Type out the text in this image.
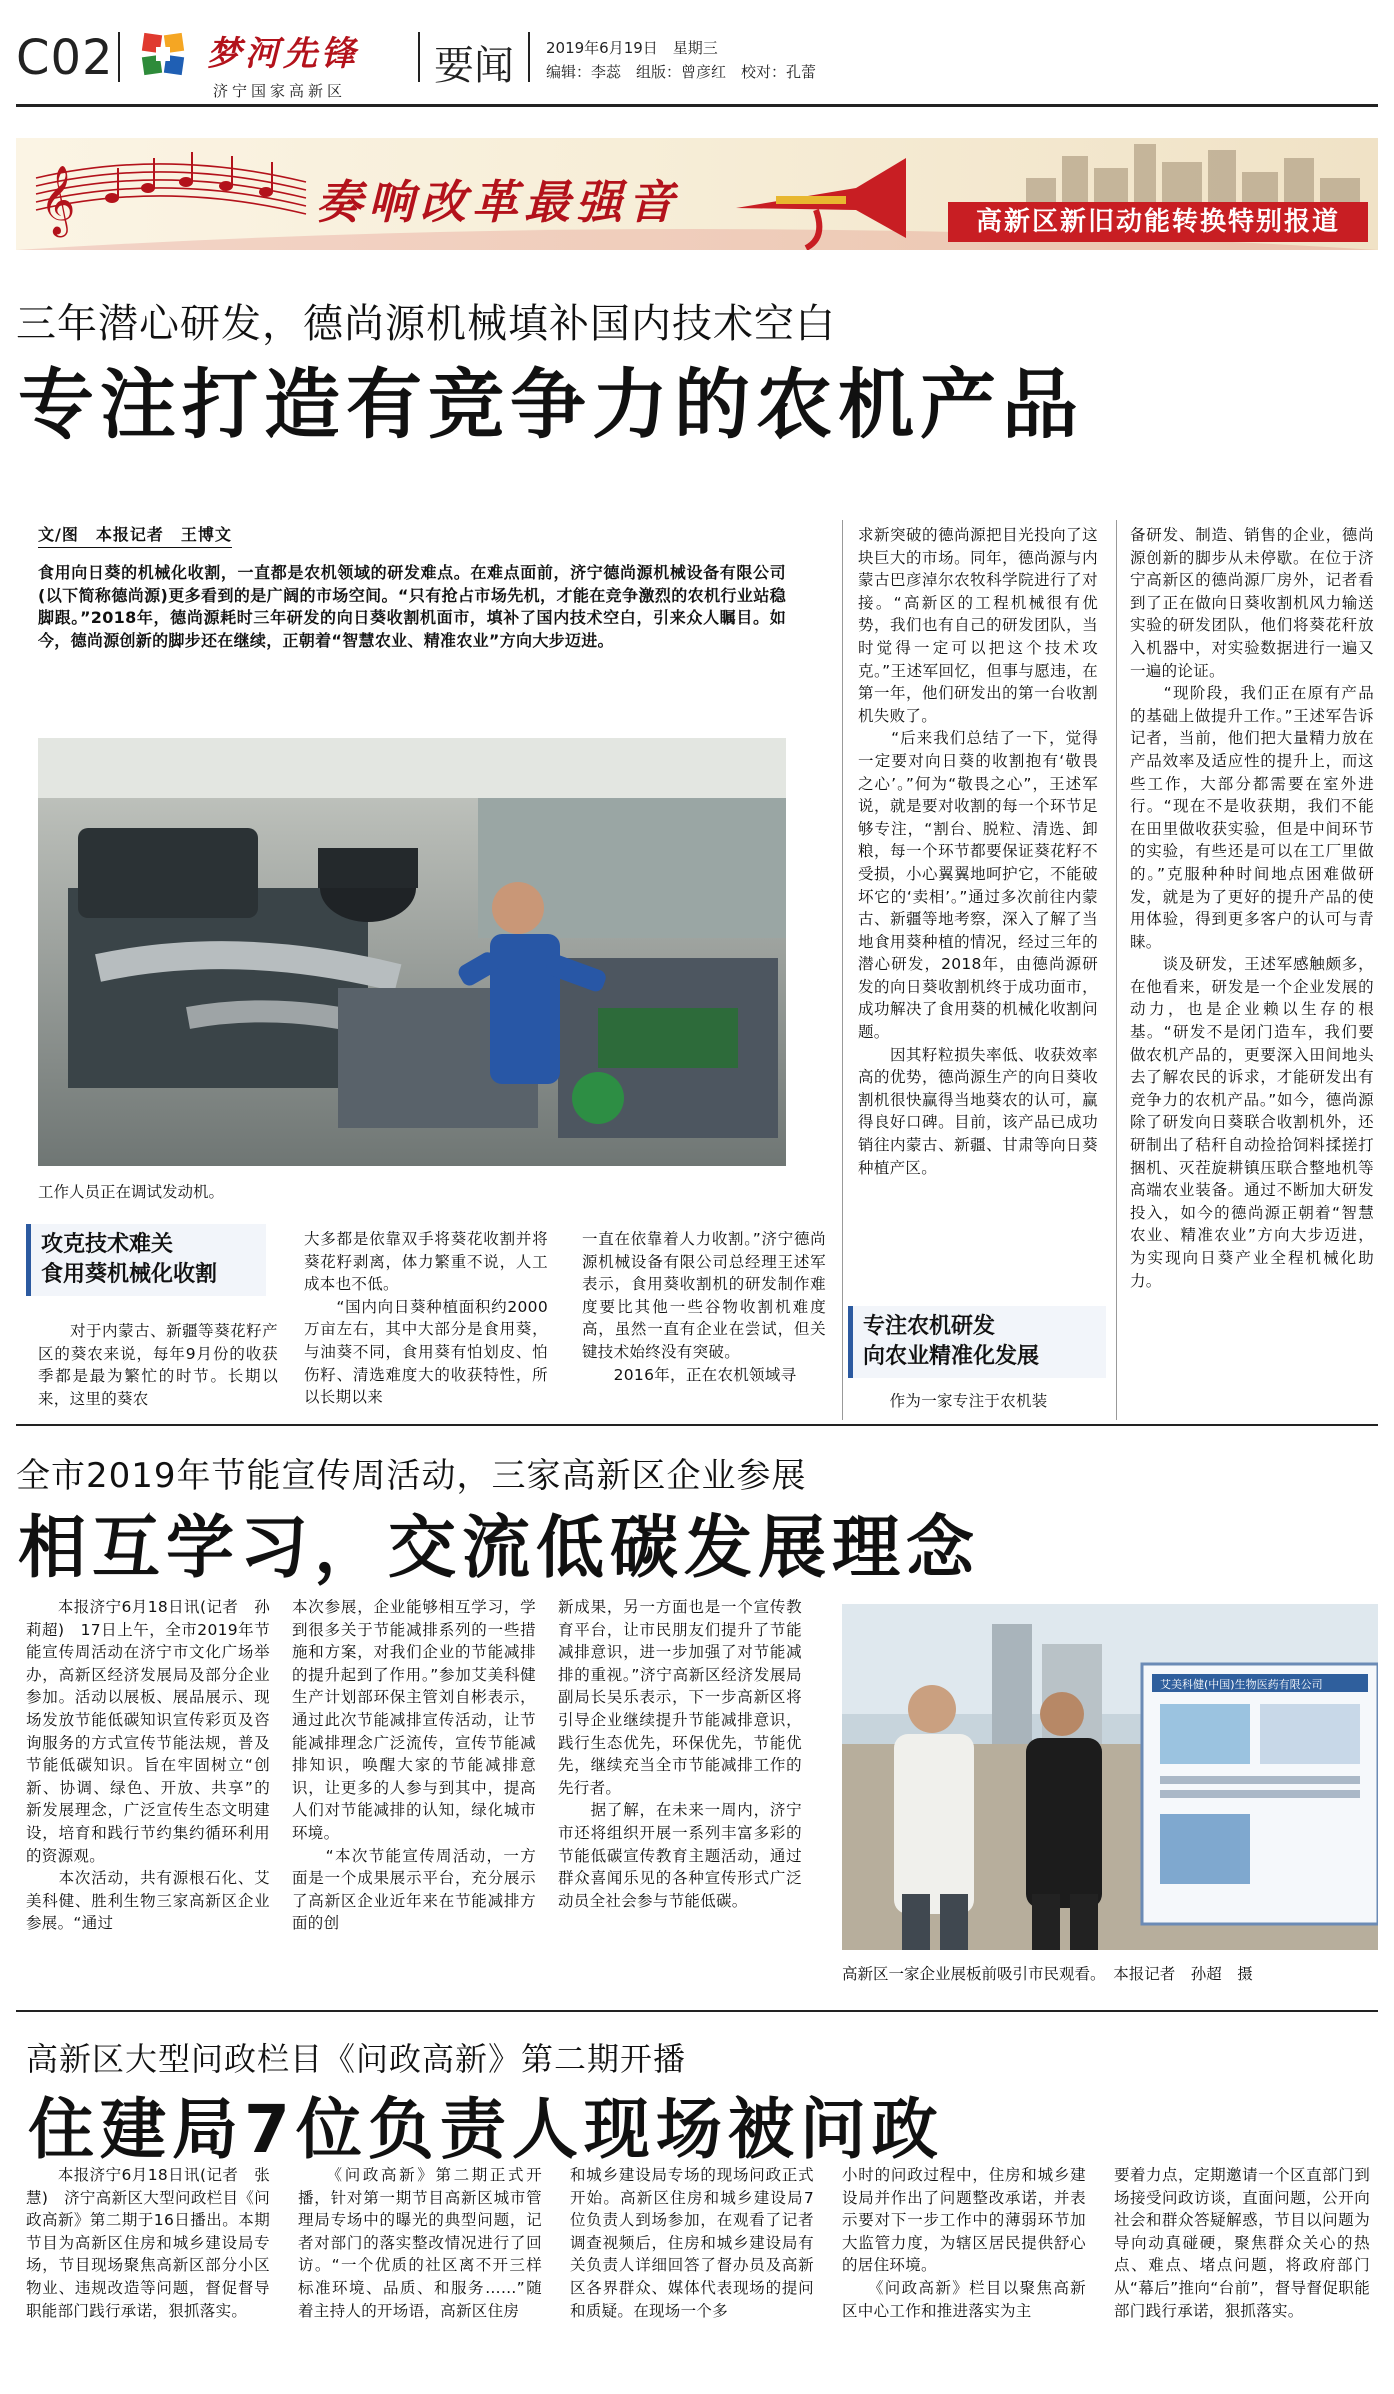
C02	梦河先锋
济宁国家高新区
要闻 2019年6月19日　星期三
编辑：李蕊　组版：曾彦红　校对：孔蕾
𝄞	奏响改革最强音	高新区新旧动能转换特别报道
三年潜心研发，德尚源机械填补国内技术空白
专注打造有竞争力的农机产品
文/图　本报记者　王博文
食用向日葵的机械化收割，一直都是农机领域的研发难点。在难点面前，济宁德尚源机械设备有限公司(以下简称德尚源)更多看到的是广阔的市场空间。“只有抢占市场先机，才能在竞争激烈的农机行业站稳脚跟。”2018年，德尚源耗时三年研发的向日葵收割机面市，填补了国内技术空白，引来众人瞩目。如今，德尚源创新的脚步还在继续，正朝着“智慧农业、精准农业”方向大步迈进。
工作人员正在调试发动机。
攻克技术难关
食用葵机械化收割
　　对于内蒙古、新疆等葵花籽产区的葵农来说，每年9月份的收获季都是最为繁忙的时节。长期以来，这里的葵农
大多都是依靠双手将葵花收割并将葵花籽剥离，体力繁重不说，人工成本也不低。
　　“国内向日葵种植面积约2000万亩左右，其中大部分是食用葵，与油葵不同，食用葵有怕划皮、怕伤籽、清选难度大的收获特性，所以长期以来
一直在依靠着人力收割。”济宁德尚源机械设备有限公司总经理王述军表示，食用葵收割机的研发制作难度要比其他一些谷物收割机难度高，虽然一直有企业在尝试，但关键技术始终没有突破。
　　2016年，正在农机领域寻
求新突破的德尚源把目光投向了这块巨大的市场。同年，德尚源与内蒙古巴彦淖尔农牧科学院进行了对接。“高新区的工程机械很有优势，我们也有自己的研发团队，当时觉得一定可以把这个技术攻克。”王述军回忆，但事与愿违，在第一年，他们研发出的第一台收割机失败了。
　　“后来我们总结了一下，觉得一定要对向日葵的收割抱有‘敬畏之心’。”何为“敬畏之心”，王述军说，就是要对收割的每一个环节足够专注，“割台、脱粒、清选、卸粮，每一个环节都要保证葵花籽不受损，小心翼翼地呵护它，不能破坏它的‘卖相’。”通过多次前往内蒙古、新疆等地考察，深入了解了当地食用葵种植的情况，经过三年的潜心研发，2018年，由德尚源研发的向日葵收割机终于成功面市，成功解决了食用葵的机械化收割问题。
　　因其籽粒损失率低、收获效率高的优势，德尚源生产的向日葵收割机很快赢得当地葵农的认可，赢得良好口碑。目前，该产品已成功销往内蒙古、新疆、甘肃等向日葵种植产区。
专注农机研发
向农业精准化发展
　　作为一家专注于农机装
备研发、制造、销售的企业，德尚源创新的脚步从未停歇。在位于济宁高新区的德尚源厂房外，记者看到了正在做向日葵收割机风力输送实验的研发团队，他们将葵花秆放入机器中，对实验数据进行一遍又一遍的论证。
　　“现阶段，我们正在原有产品的基础上做提升工作。”王述军告诉记者，当前，他们把大量精力放在产品效率及适应性的提升上，而这些工作，大部分都需要在室外进行。“现在不是收获期，我们不能在田里做收获实验，但是中间环节的实验，有些还是可以在工厂里做的。”克服种种时间地点困难做研发，就是为了更好的提升产品的使用体验，得到更多客户的认可与青睐。
　　谈及研发，王述军感触颇多，在他看来，研发是一个企业发展的动力，也是企业赖以生存的根基。“研发不是闭门造车，我们要做农机产品的，更要深入田间地头去了解农民的诉求，才能研发出有竞争力的农机产品。”如今，德尚源除了研发向日葵联合收割机外，还研制出了秸秆自动捡拾饲料揉搓打捆机、灭茬旋耕镇压联合整地机等高端农业装备。通过不断加大研发投入，如今的德尚源正朝着“智慧农业、精准农业”方向大步迈进，为实现向日葵产业全程机械化助力。
全市2019年节能宣传周活动，三家高新区企业参展
相互学习，交流低碳发展理念
　　本报济宁6月18日讯(记者　孙莉超)　17日上午，全市2019年节能宣传周活动在济宁市文化广场举办，高新区经济发展局及部分企业参加。活动以展板、展品展示、现场发放节能低碳知识宣传彩页及咨询服务的方式宣传节能法规，普及节能低碳知识。旨在牢固树立“创新、协调、绿色、开放、共享”的新发展理念，广泛宣传生态文明建设，培育和践行节约集约循环利用的资源观。
　　本次活动，共有源根石化、艾美科健、胜利生物三家高新区企业参展。“通过
本次参展，企业能够相互学习，学到很多关于节能减排系列的一些措施和方案，对我们企业的节能减排的提升起到了作用。”参加艾美科健生产计划部环保主管刘自彬表示，通过此次节能减排宣传活动，让节能减排理念广泛流传，宣传节能减排知识，唤醒大家的节能减排意识，让更多的人参与到其中，提高人们对节能减排的认知，绿化城市环境。
　　“本次节能宣传周活动，一方面是一个成果展示平台，充分展示了高新区企业近年来在节能减排方面的创
新成果，另一方面也是一个宣传教育平台，让市民朋友们提升了节能减排意识，进一步加强了对节能减排的重视。”济宁高新区经济发展局副局长吴乐表示，下一步高新区将引导企业继续提升节能减排意识，践行生态优先，环保优先，节能优先，继续充当全市节能减排工作的先行者。
　　据了解，在未来一周内，济宁市还将组织开展一系列丰富多彩的节能低碳宣传教育主题活动，通过群众喜闻乐见的各种宣传形式广泛动员全社会参与节能低碳。
艾美科健(中国)生物医药有限公司
高新区一家企业展板前吸引市民观看。　本报记者　孙超　摄
高新区大型问政栏目《问政高新》第二期开播
住建局7位负责人现场被问政
　　本报济宁6月18日讯(记者　张慧)　济宁高新区大型问政栏目《问政高新》第二期于16日播出。本期节目为高新区住房和城乡建设局专场，节目现场聚焦高新区部分小区物业、违规改造等问题，督促督导职能部门践行承诺，狠抓落实。
　　《问政高新》第二期正式开播，针对第一期节目高新区城市管理局专场中的曝光的典型问题，记者对部门的落实整改情况进行了回访。“一个优质的社区离不开三样标准环境、品质、和服务……”随着主持人的开场语，高新区住房
和城乡建设局专场的现场问政正式开始。高新区住房和城乡建设局7位负责人到场参加，在观看了记者调查视频后，住房和城乡建设局有关负责人详细回答了督办员及高新区各界群众、媒体代表现场的提问和质疑。在现场一个多
小时的问政过程中，住房和城乡建设局并作出了问题整改承诺，并表示要对下一步工作中的薄弱环节加大监管力度，为辖区居民提供舒心的居住环境。
　　《问政高新》栏目以聚焦高新区中心工作和推进落实为主
要着力点，定期邀请一个区直部门到场接受问政访谈，直面问题，公开向社会和群众答疑解惑，节目以问题为导向动真碰硬，聚焦群众关心的热点、难点、堵点问题，将政府部门从“幕后”推向“台前”，督导督促职能部门践行承诺，狠抓落实。
